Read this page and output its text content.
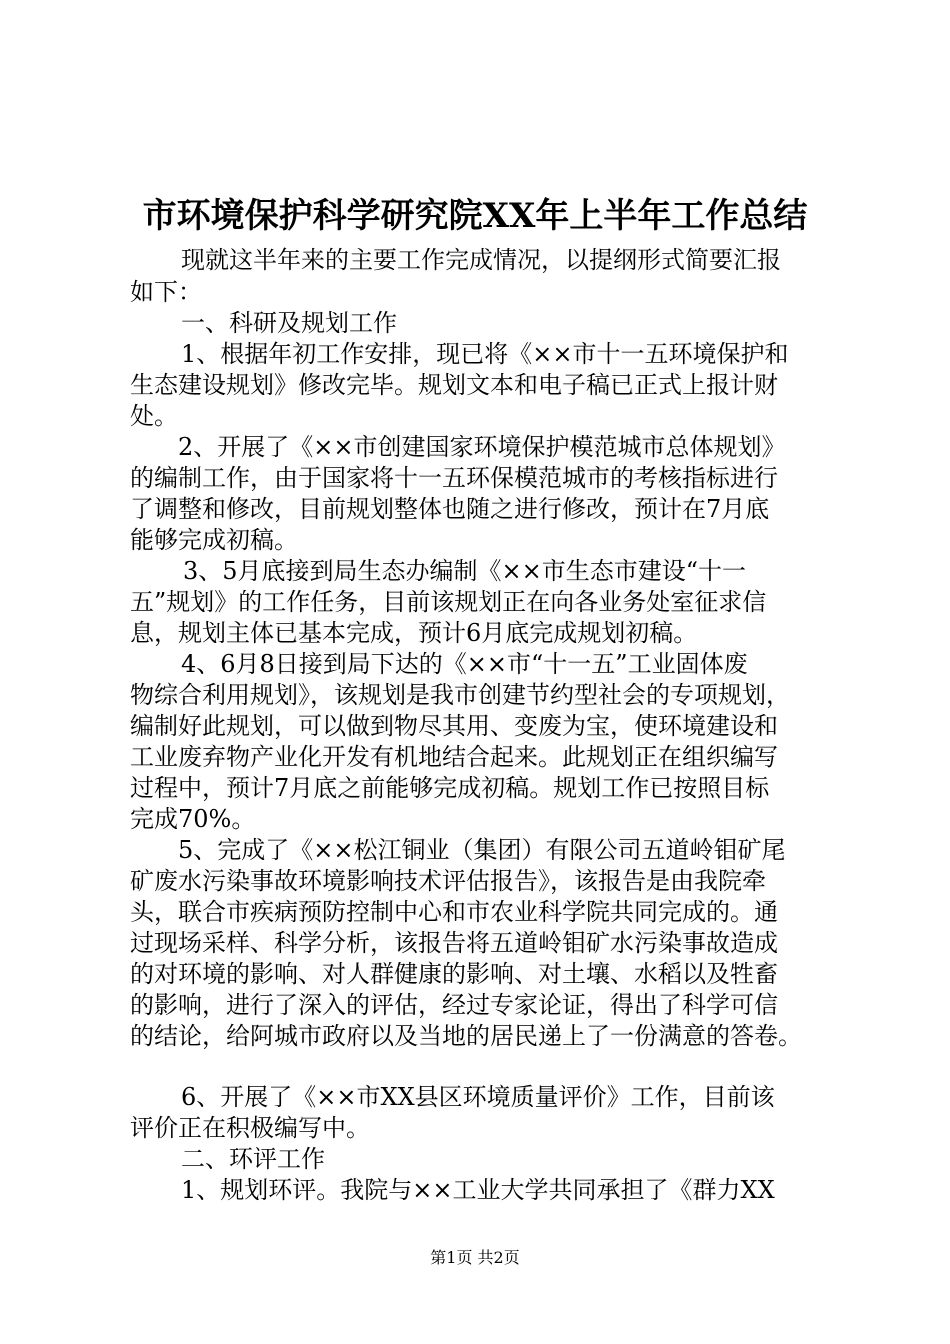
市环境保护科学研究院XX年上半年工作总结
现就这半年来的主要工作完成情况，以提纲形式简要汇报
如下：
一、科研及规划工作
1、根据年初工作安排，现已将《××市十一五环境保护和
生态建设规划》修改完毕。规划文本和电子稿已正式上报计财
处。
2、开展了《××市创建国家环境保护模范城市总体规划》
的编制工作，由于国家将十一五环保模范城市的考核指标进行
了调整和修改，目前规划整体也随之进行修改，预计在7月底
能够完成初稿。
3、5月底接到局生态办编制《××市生态市建设“十一
五”规划》的工作任务，目前该规划正在向各业务处室征求信
息，规划主体已基本完成，预计6月底完成规划初稿。
4、6月8日接到局下达的《××市“十一五”工业固体废
物综合利用规划》，该规划是我市创建节约型社会的专项规划，
编制好此规划，可以做到物尽其用、变废为宝，使环境建设和
工业废弃物产业化开发有机地结合起来。此规划正在组织编写
过程中，预计7月底之前能够完成初稿。规划工作已按照目标
完成70%。
5、完成了《××松江铜业（集团）有限公司五道岭钼矿尾
矿废水污染事故环境影响技术评估报告》，该报告是由我院牵
头，联合市疾病预防控制中心和市农业科学院共同完成的。通
过现场采样、科学分析，该报告将五道岭钼矿水污染事故造成
的对环境的影响、对人群健康的影响、对土壤、水稻以及牲畜
的影响，进行了深入的评估，经过专家论证，得出了科学可信
的结论，给阿城市政府以及当地的居民递上了一份满意的答卷。
6、开展了《××市XX县区环境质量评价》工作，目前该
评价正在积极编写中。
二、环评工作
1、规划环评。我院与××工业大学共同承担了《群力XX
第1页 共2页
